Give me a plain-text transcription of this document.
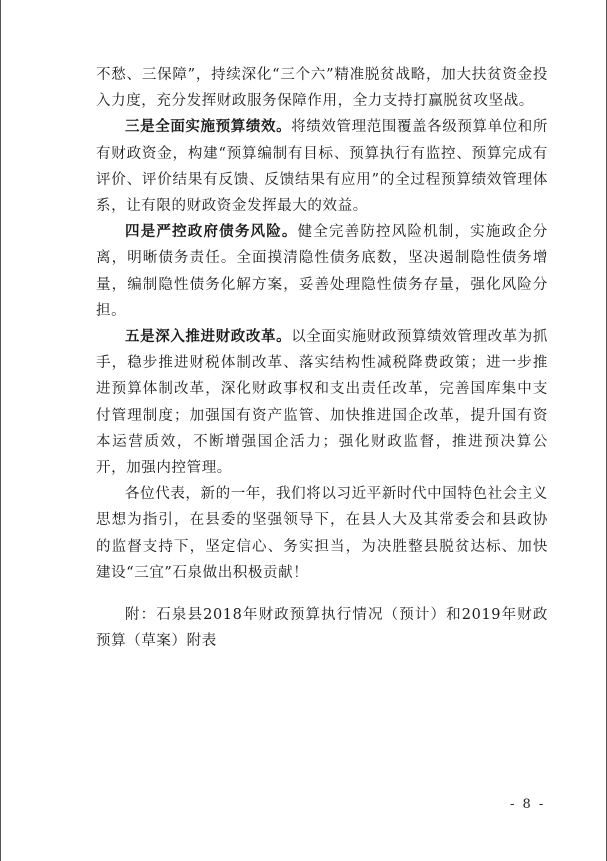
不愁、三保障”，持续深化“三个六”精准脱贫战略，加大扶贫资金投入力度，充分发挥财政服务保障作用，全力支持打赢脱贫攻坚战。

三是全面实施预算绩效。将绩效管理范围覆盖各级预算单位和所有财政资金，构建“预算编制有目标、预算执行有监控、预算完成有评价、评价结果有反馈、反馈结果有应用”的全过程预算绩效管理体系，让有限的财政资金发挥最大的效益。

四是严控政府债务风险。健全完善防控风险机制，实施政企分离，明晰债务责任。全面摸清隐性债务底数，坚决遏制隐性债务增量，编制隐性债务化解方案，妥善处理隐性债务存量，强化风险分担。

五是深入推进财政改革。以全面实施财政预算绩效管理改革为抓手，稳步推进财税体制改革、落实结构性减税降费政策；进一步推进预算体制改革，深化财政事权和支出责任改革，完善国库集中支付管理制度；加强国有资产监管、加快推进国企改革，提升国有资本运营质效，不断增强国企活力；强化财政监督，推进预决算公开，加强内控管理。

各位代表，新的一年，我们将以习近平新时代中国特色社会主义思想为指引，在县委的坚强领导下，在县人大及其常委会和县政协的监督支持下，坚定信心、务实担当，为决胜整县脱贫达标、加快建设“三宜”石泉做出积极贡献！

附：石泉县2018年财政预算执行情况（预计）和2019年财政预算（草案）附表

- 8 -
